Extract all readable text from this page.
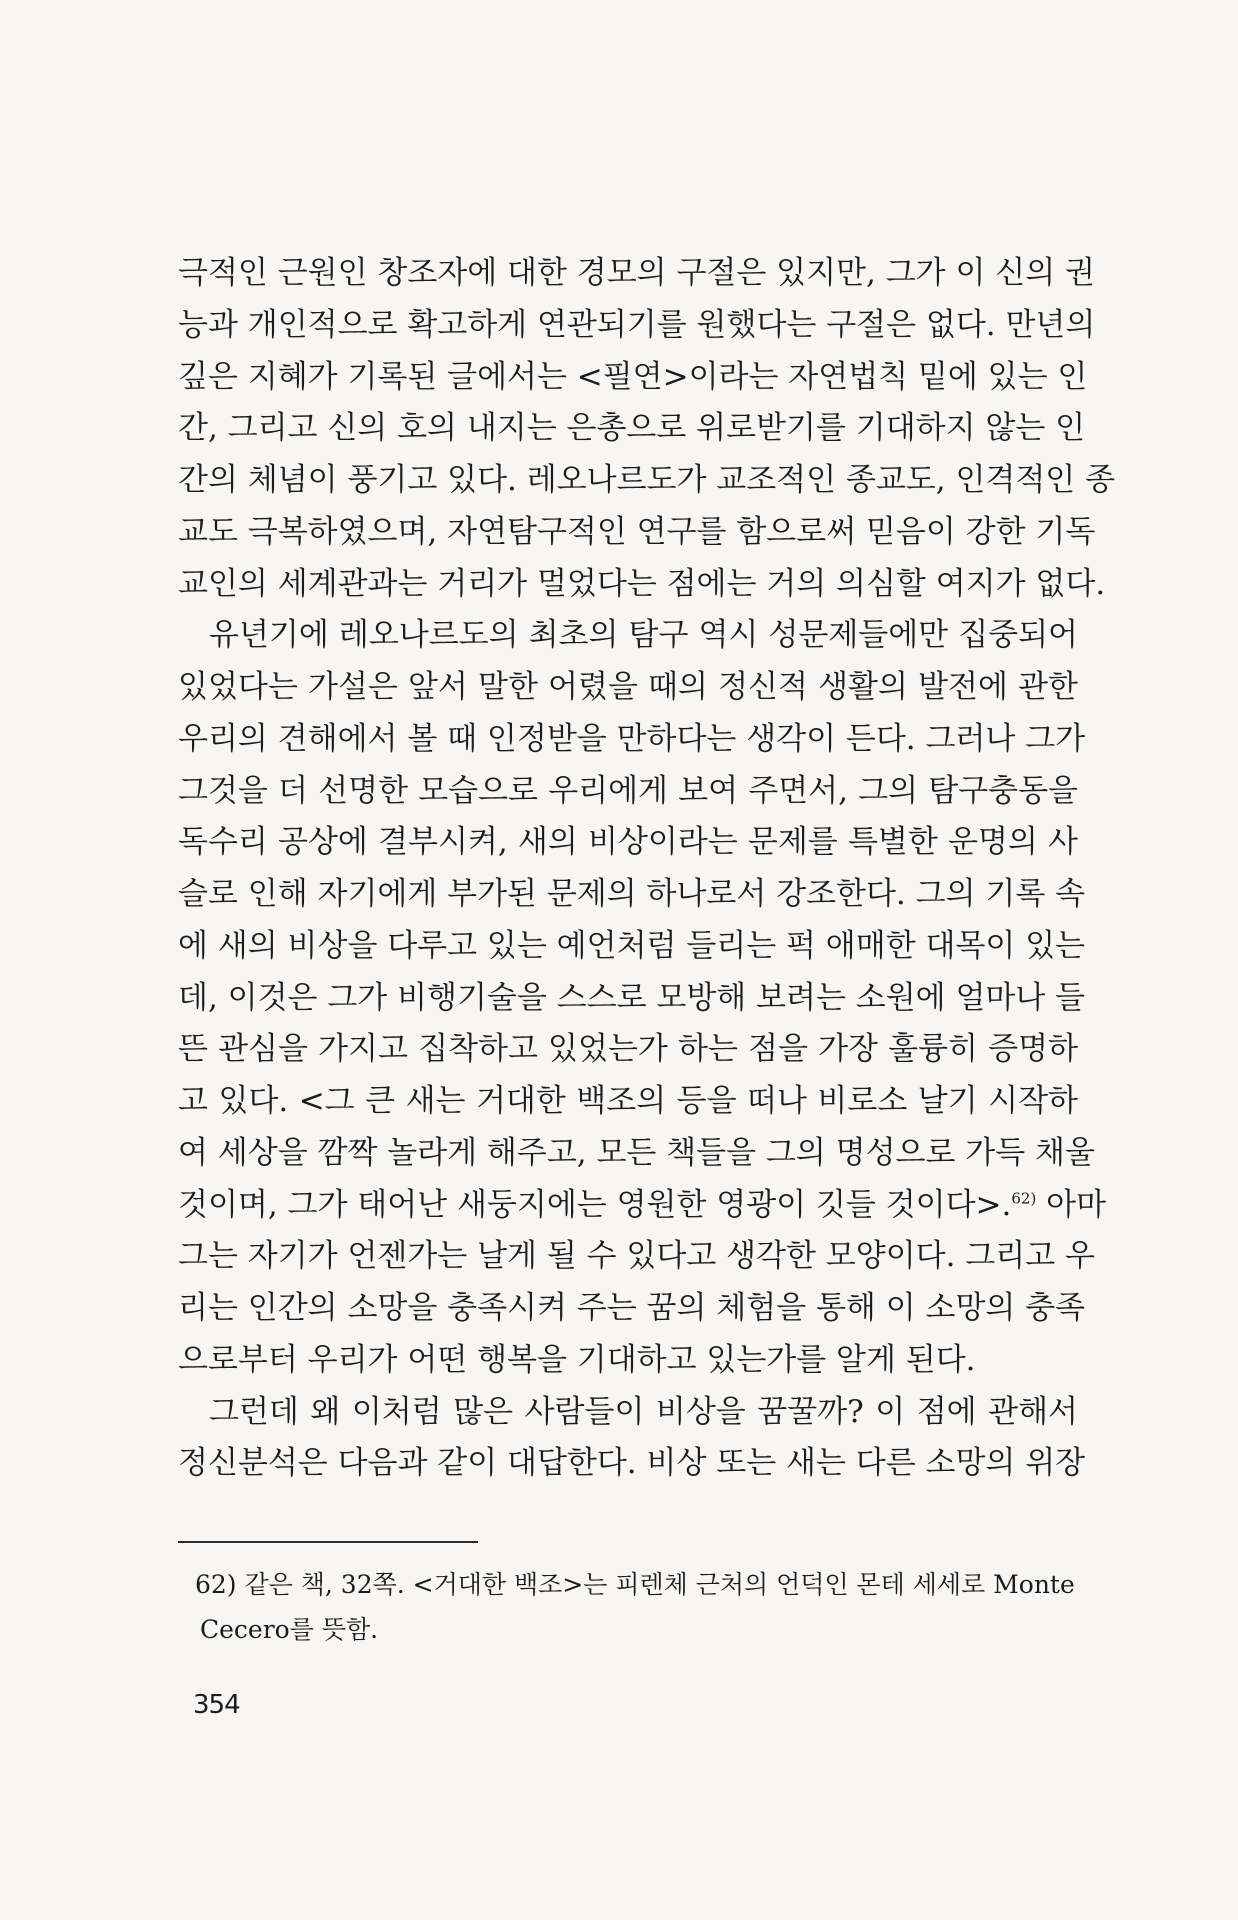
극적인 근원인 창조자에 대한 경모의 구절은 있지만, 그가 이 신의 권
능과 개인적으로 확고하게 연관되기를 원했다는 구절은 없다. 만년의
깊은 지혜가 기록된 글에서는 <필연>이라는 자연법칙 밑에 있는 인
간, 그리고 신의 호의 내지는 은총으로 위로받기를 기대하지 않는 인
간의 체념이 풍기고 있다. 레오나르도가 교조적인 종교도, 인격적인 종
교도 극복하였으며, 자연탐구적인 연구를 함으로써 믿음이 강한 기독
교인의 세계관과는 거리가 멀었다는 점에는 거의 의심할 여지가 없다.
유년기에 레오나르도의 최초의 탐구 역시 성문제들에만 집중되어
있었다는 가설은 앞서 말한 어렸을 때의 정신적 생활의 발전에 관한
우리의 견해에서 볼 때 인정받을 만하다는 생각이 든다. 그러나 그가
그것을 더 선명한 모습으로 우리에게 보여 주면서, 그의 탐구충동을
독수리 공상에 결부시켜, 새의 비상이라는 문제를 특별한 운명의 사
슬로 인해 자기에게 부가된 문제의 하나로서 강조한다. 그의 기록 속
에 새의 비상을 다루고 있는 예언처럼 들리는 퍽 애매한 대목이 있는
데, 이것은 그가 비행기술을 스스로 모방해 보려는 소원에 얼마나 들
뜬 관심을 가지고 집착하고 있었는가 하는 점을 가장 훌륭히 증명하
고 있다. <그 큰 새는 거대한 백조의 등을 떠나 비로소 날기 시작하
여 세상을 깜짝 놀라게 해주고, 모든 책들을 그의 명성으로 가득 채울
것이며, 그가 태어난 새둥지에는 영원한 영광이 깃들 것이다>.$^{62)}$ 아마
그는 자기가 언젠가는 날게 될 수 있다고 생각한 모양이다. 그리고 우
리는 인간의 소망을 충족시켜 주는 꿈의 체험을 통해 이 소망의 충족
으로부터 우리가 어떤 행복을 기대하고 있는가를 알게 된다.
그런데 왜 이처럼 많은 사람들이 비상을 꿈꿀까? 이 점에 관해서
정신분석은 다음과 같이 대답한다. 비상 또는 새는 다른 소망의 위장
62) 같은 책, 32쪽. <거대한 백조>는 피렌체 근처의 언덕인 몬테 세세로 Monte
Cecero를 뜻함.
354
